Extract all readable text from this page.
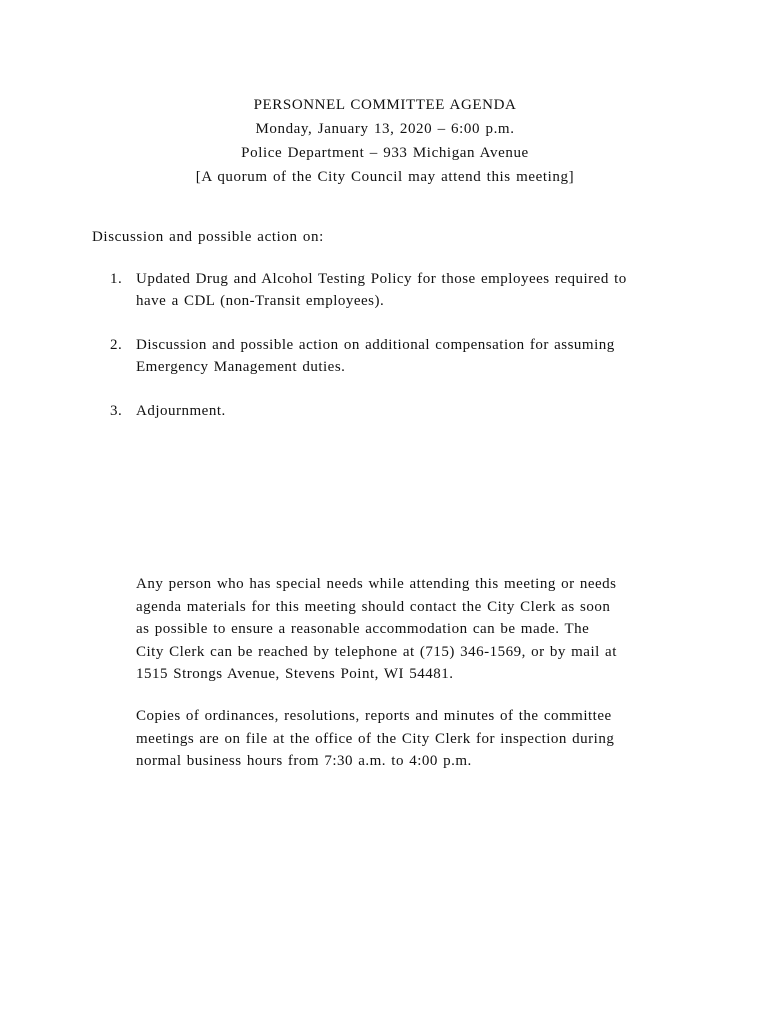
PERSONNEL COMMITTEE AGENDA
Monday, January 13, 2020 – 6:00 p.m.
Police Department – 933 Michigan Avenue
[A quorum of the City Council may attend this meeting]
Discussion and possible action on:
1. Updated Drug and Alcohol Testing Policy for those employees required to
have a CDL (non-Transit employees).
2. Discussion and possible action on additional compensation for assuming
Emergency Management duties.
3. Adjournment.
Any person who has special needs while attending this meeting or needs
agenda materials for this meeting should contact the City Clerk as soon
as possible to ensure a reasonable accommodation can be made. The
City Clerk can be reached by telephone at (715) 346-1569, or by mail at
1515 Strongs Avenue, Stevens Point, WI 54481.
Copies of ordinances, resolutions, reports and minutes of the committee
meetings are on file at the office of the City Clerk for inspection during
normal business hours from 7:30 a.m. to 4:00 p.m.
